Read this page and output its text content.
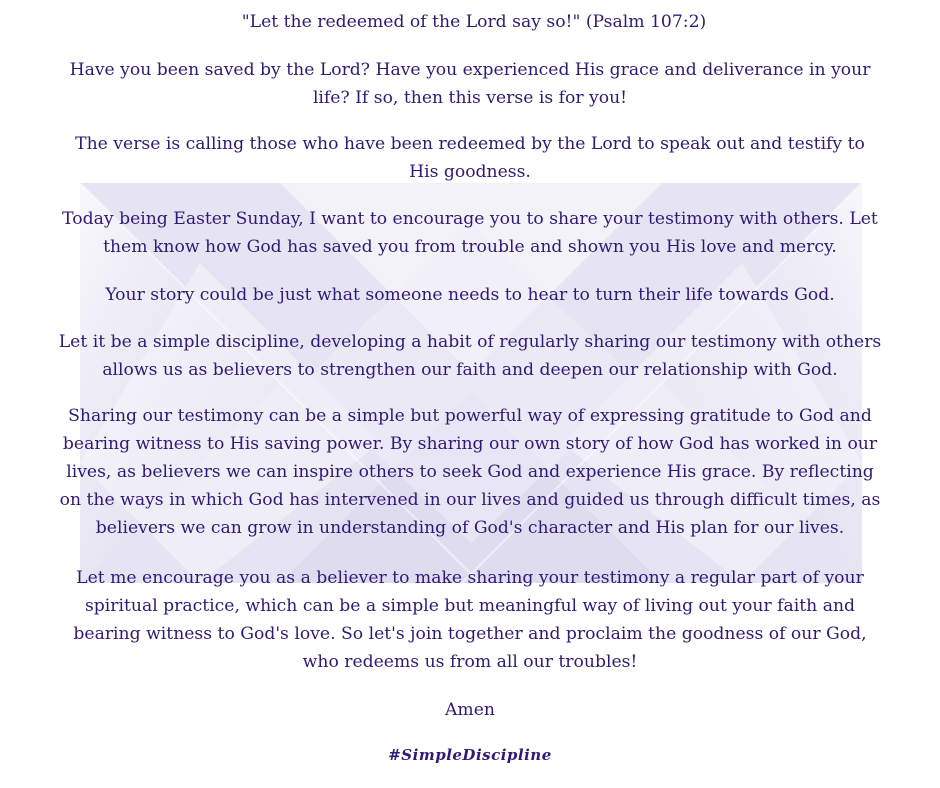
"Let the redeemed of the Lord say so!" (Psalm 107:2)

Have you been saved by the Lord? Have you experienced His grace and deliverance in your

life? If so, then this verse is for you!

The verse is calling those who have been redeemed by the Lord to speak out and testify to

His goodness.

Today being Easter Sunday, I want to encourage you to share your testimony with others. Let

them know how God has saved you from trouble and shown you His love and mercy.

Your story could be just what someone needs to hear to turn their life towards God.

Let it be a simple discipline, developing a habit of regularly sharing our testimony with others

allows us as believers to strengthen our faith and deepen our relationship with God.

Sharing our testimony can be a simple but powerful way of expressing gratitude to God and

bearing witness to His saving power. By sharing our own story of how God has worked in our

lives, as believers we can inspire others to seek God and experience His grace. By reflecting

on the ways in which God has intervened in our lives and guided us through difficult times, as

believers we can grow in understanding of God's character and His plan for our lives.

Let me encourage you as a believer to make sharing your testimony a regular part of your

spiritual practice, which can be a simple but meaningful way of living out your faith and

bearing witness to God's love. So let's join together and proclaim the goodness of our God,

who redeems us from all our troubles!

Amen

#SimpleDiscipline
